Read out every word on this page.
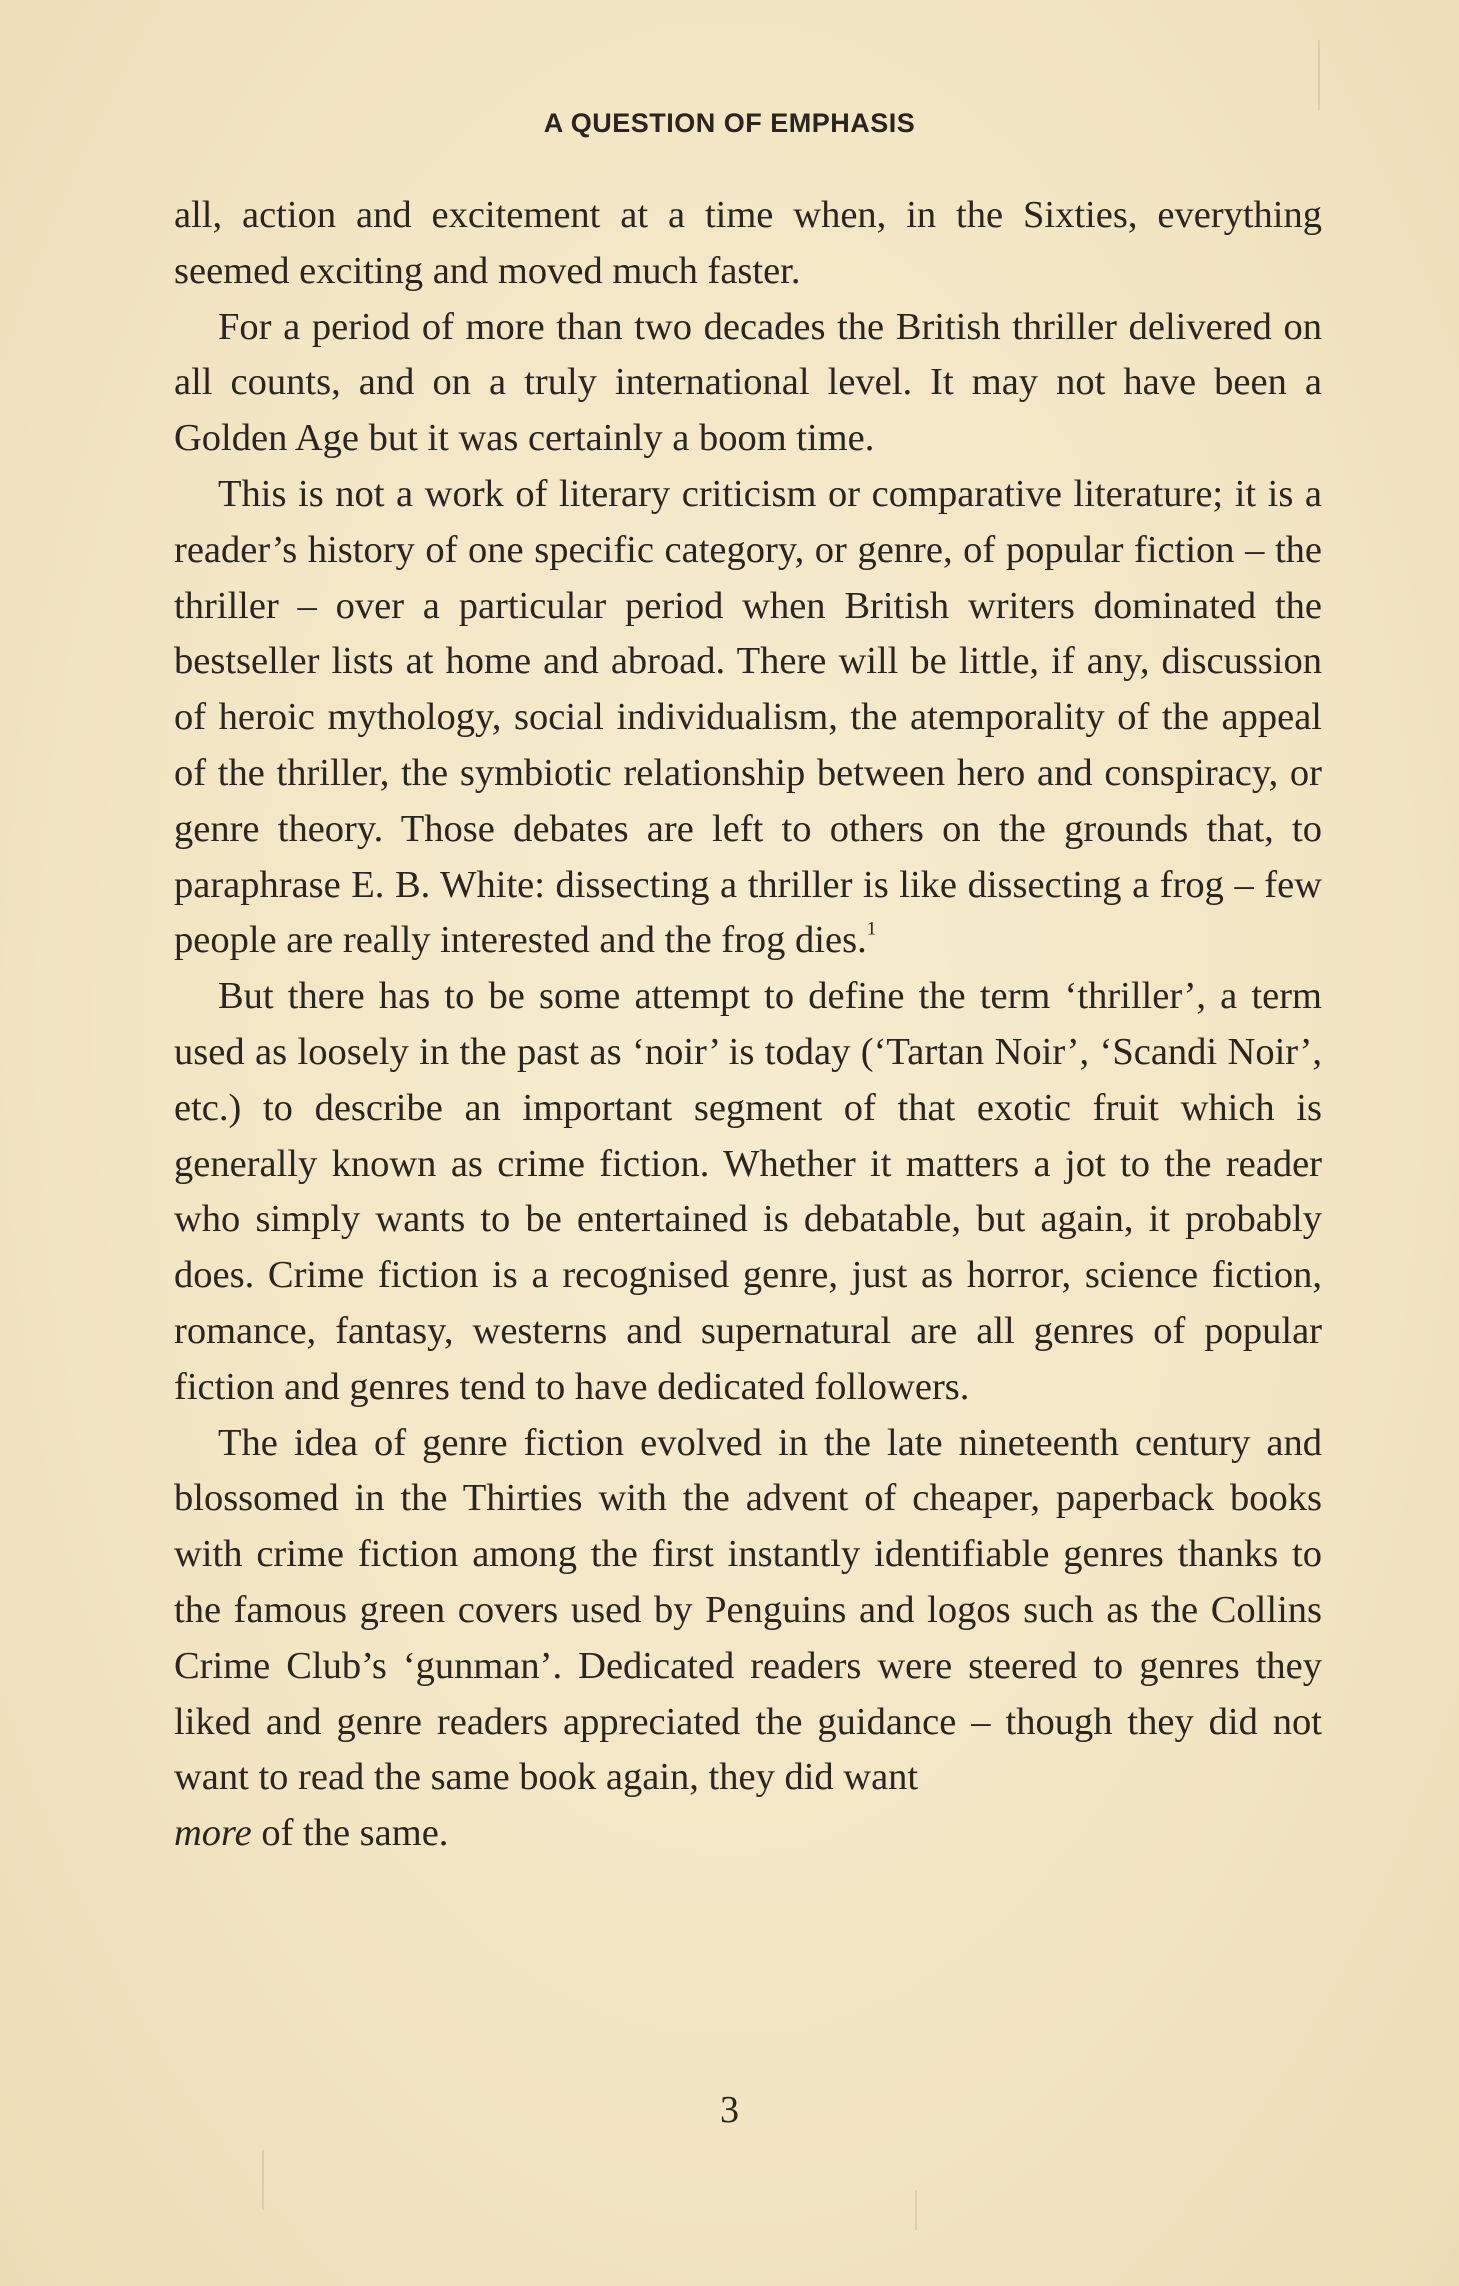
A QUESTION OF EMPHASIS

all, action and excitement at a time when, in the Sixties, everything seemed exciting and moved much faster.

For a period of more than two decades the British thriller delivered on all counts, and on a truly international level. It may not have been a Golden Age but it was certainly a boom time.

This is not a work of literary criticism or comparative literature; it is a reader’s history of one specific category, or genre, of popular fiction – the thriller – over a particular period when British writers dominated the bestseller lists at home and abroad. There will be little, if any, discussion of heroic mythology, social individualism, the atemporality of the appeal of the thriller, the symbiotic relationship between hero and conspiracy, or genre theory. Those debates are left to others on the grounds that, to paraphrase E. B. White: dissecting a thriller is like dissecting a frog – few people are really interested and the frog dies.$^1$

But there has to be some attempt to define the term ‘thriller’, a term used as loosely in the past as ‘noir’ is today (‘Tartan Noir’, ‘Scandi Noir’, etc.) to describe an important segment of that exotic fruit which is generally known as crime fiction. Whether it matters a jot to the reader who simply wants to be entertained is debatable, but again, it probably does. Crime fiction is a recognised genre, just as horror, science fiction, romance, fantasy, westerns and supernatural are all genres of popular fiction and genres tend to have dedicated followers.

The idea of genre fiction evolved in the late nineteenth century and blossomed in the Thirties with the advent of cheaper, paperback books with crime fiction among the first instantly identifiable genres thanks to the famous green covers used by Penguins and logos such as the Collins Crime Club’s ‘gunman’. Dedicated readers were steered to genres they liked and genre readers appreciated the guidance – though they did not want to read the same book again, they did want
more of the same.

3
